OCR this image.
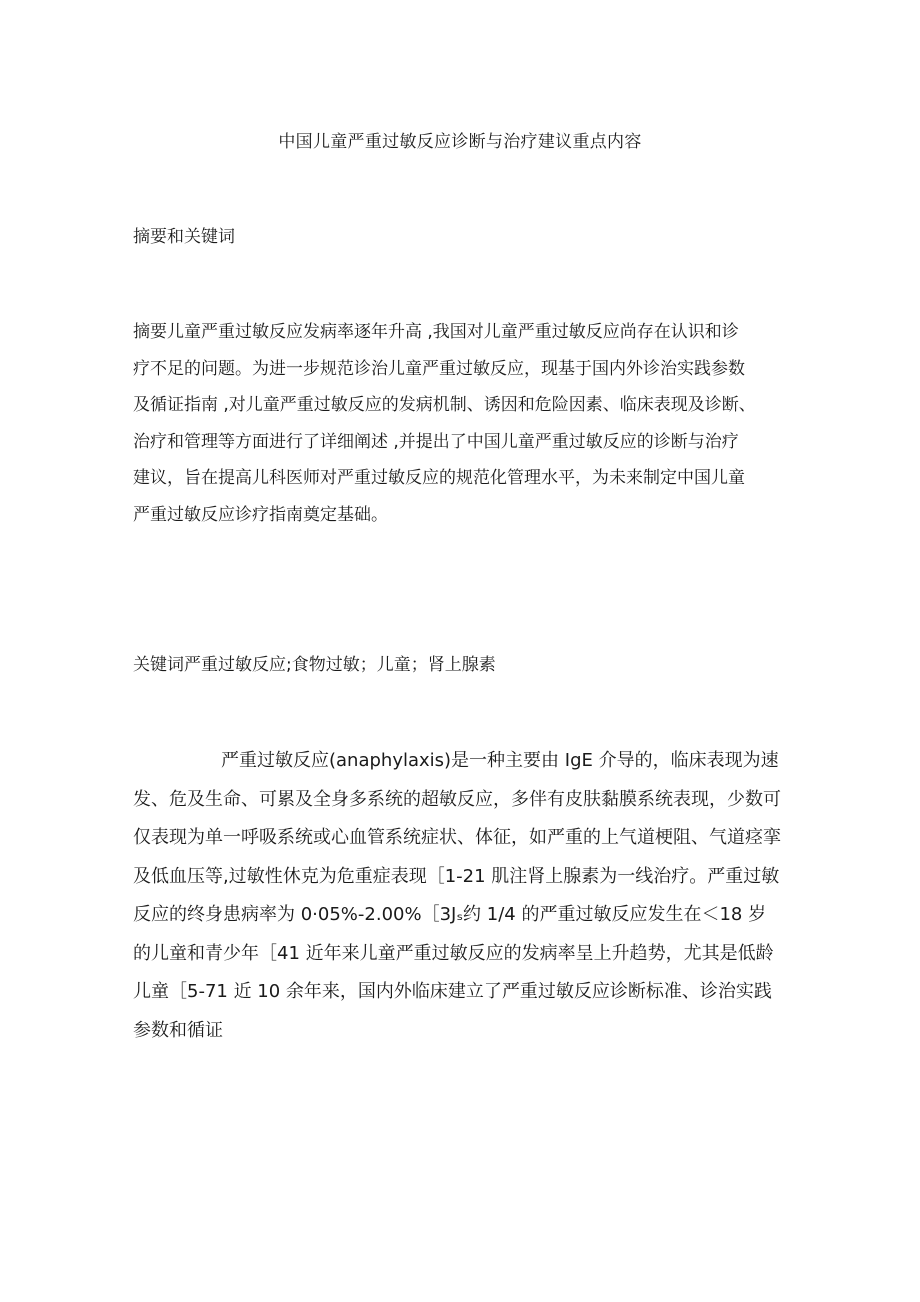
中国儿童严重过敏反应诊断与治疗建议重点内容
摘要和关键词
摘要儿童严重过敏反应发病率逐年升高 ,我国对儿童严重过敏反应尚存在认识和诊
疗不足的问题。为进一步规范诊治儿童严重过敏反应，现基于国内外诊治实践参数
及循证指南 ,对儿童严重过敏反应的发病机制、诱因和危险因素、临床表现及诊断、
治疗和管理等方面进行了详细阐述 ,并提出了中国儿童严重过敏反应的诊断与治疗
建议，旨在提高儿科医师对严重过敏反应的规范化管理水平，为未来制定中国儿童
严重过敏反应诊疗指南奠定基础。
关键词严重过敏反应;食物过敏；儿童；肾上腺素
严重过敏反应(anaphylaxis)是一种主要由 IgE 介导的，临床表现为速
发、危及生命、可累及全身多系统的超敏反应，多伴有皮肤黏膜系统表现，少数可
仅表现为单一呼吸系统或心血管系统症状、体征，如严重的上气道梗阻、气道痉挛
及低血压等,过敏性休克为危重症表现［1-21 肌注肾上腺素为一线治疗。严重过敏
反应的终身患病率为 0·05%-2.00%［3Jₛ约 1/4 的严重过敏反应发生在＜18 岁
的儿童和青少年［41 近年来儿童严重过敏反应的发病率呈上升趋势，尤其是低龄
儿童［5-71 近 10 余年来，国内外临床建立了严重过敏反应诊断标准、诊治实践
参数和循证
